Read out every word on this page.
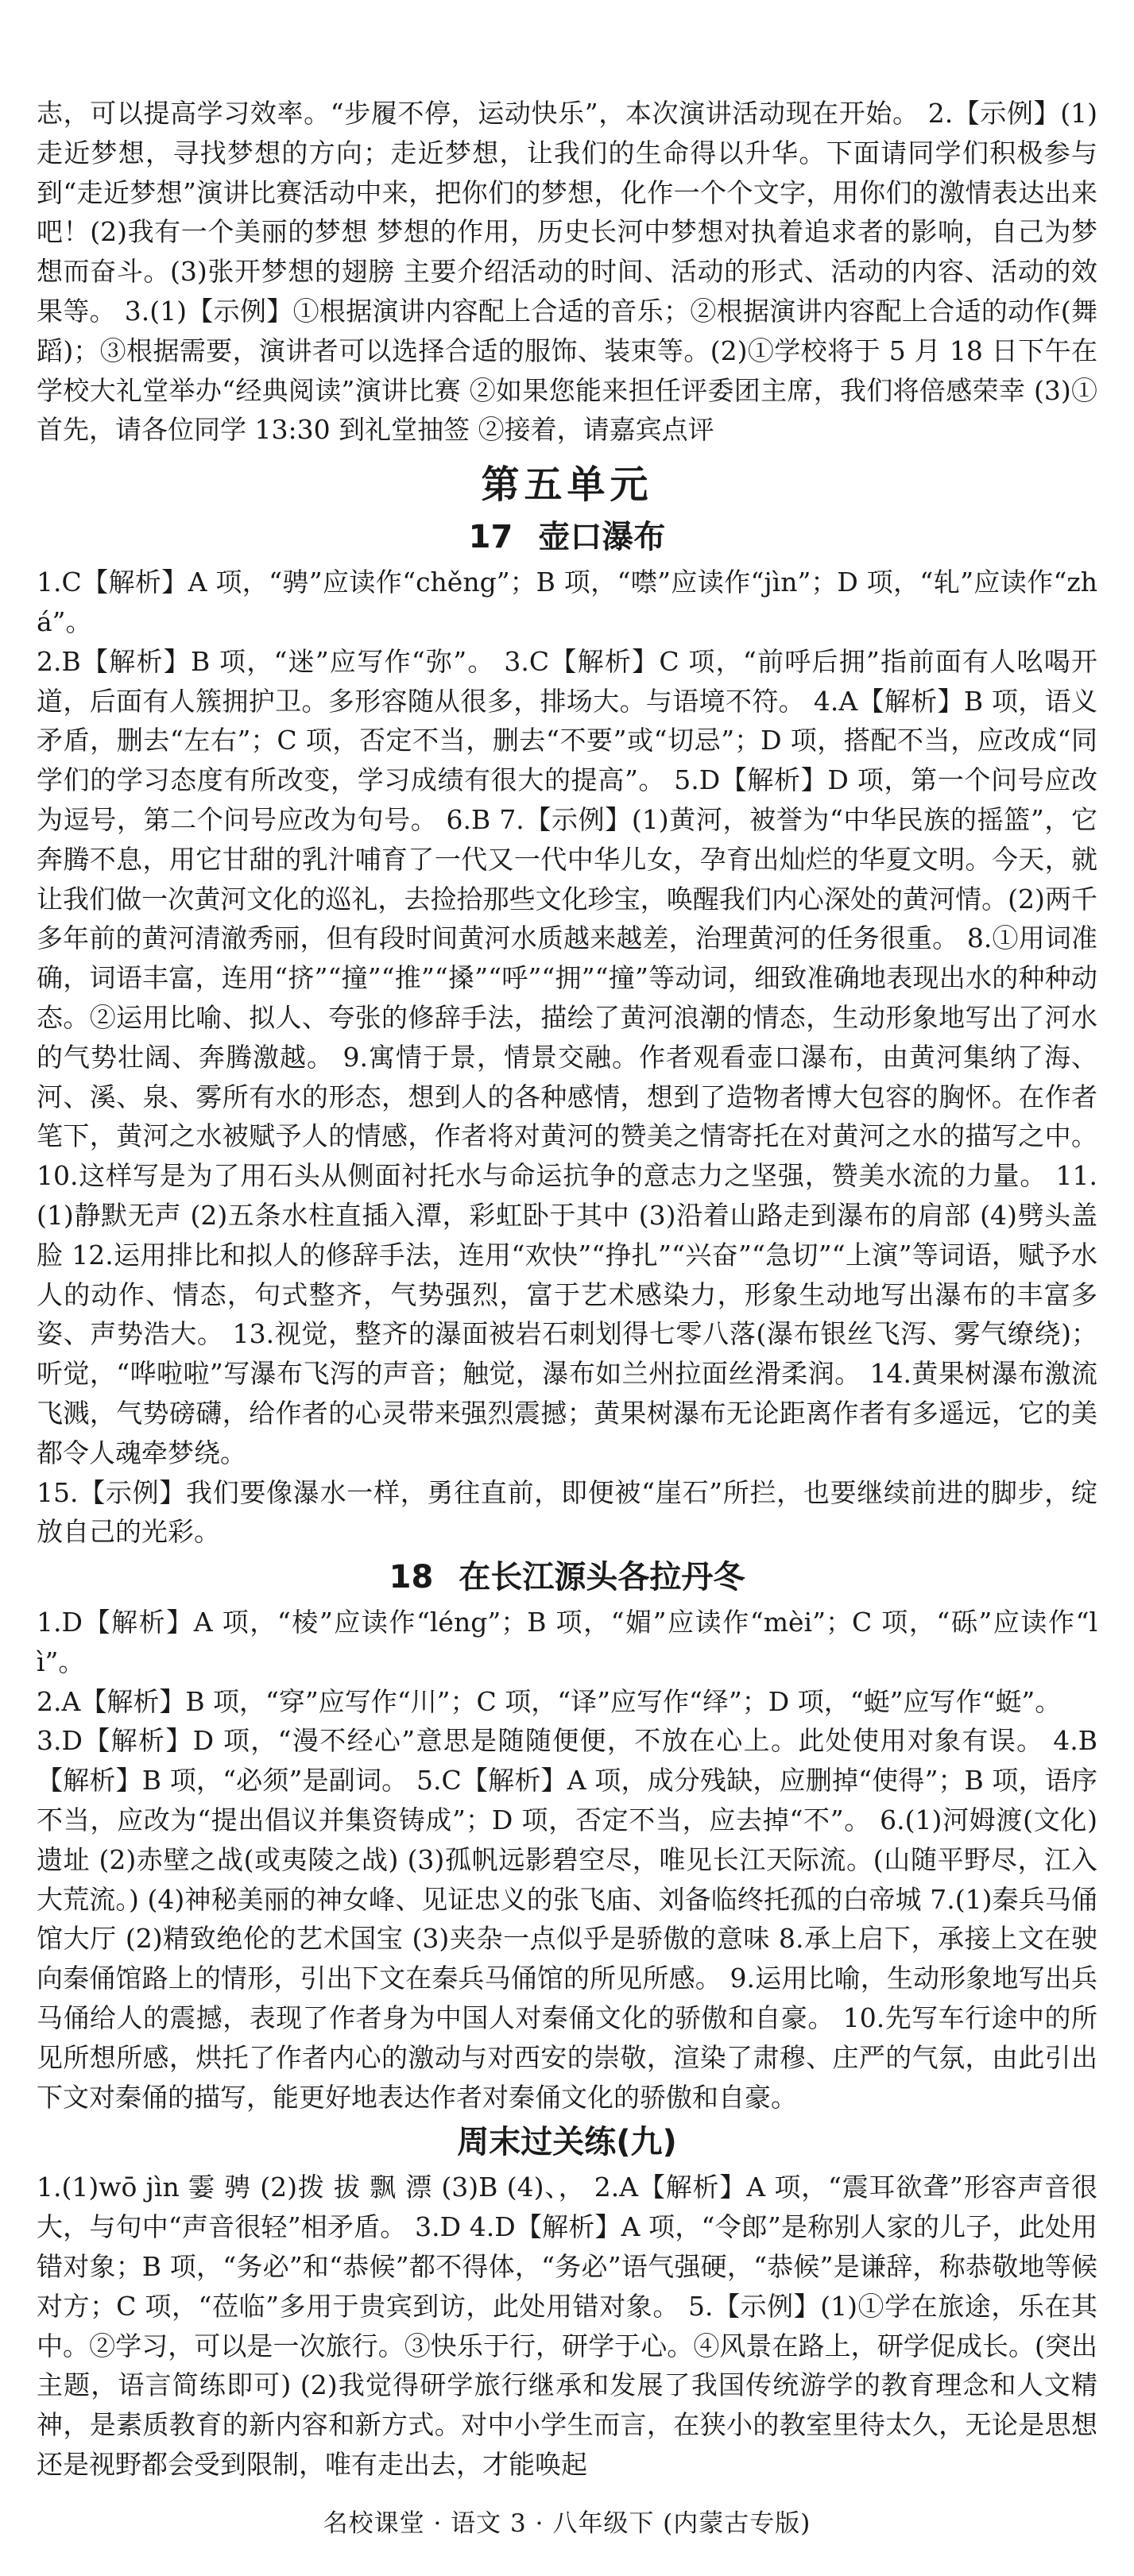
志，可以提高学习效率。“步履不停，运动快乐”，本次演讲活动现在开始。 2.【示例】(1)走近梦想，寻找梦想的方向；走近梦想，让我们的生命得以升华。下面请同学们积极参与到“走近梦想”演讲比赛活动中来，把你们的梦想，化作一个个文字，用你们的激情表达出来吧！(2)我有一个美丽的梦想 梦想的作用，历史长河中梦想对执着追求者的影响，自己为梦想而奋斗。(3)张开梦想的翅膀 主要介绍活动的时间、活动的形式、活动的内容、活动的效果等。 3.(1)【示例】①根据演讲内容配上合适的音乐；②根据演讲内容配上合适的动作(舞蹈)；③根据需要，演讲者可以选择合适的服饰、装束等。(2)①学校将于 5 月 18 日下午在学校大礼堂举办“经典阅读”演讲比赛 ②如果您能来担任评委团主席，我们将倍感荣幸 (3)①首先，请各位同学 13:30 到礼堂抽签 ②接着，请嘉宾点评

第五单元
17 壶口瀑布

1.C【解析】A 项，“骋”应读作“chěng”；B 项，“噤”应读作“jìn”；D 项，“轧”应读作“zhá”。

2.B【解析】B 项，“迷”应写作“弥”。 3.C【解析】C 项，“前呼后拥”指前面有人吆喝开道，后面有人簇拥护卫。多形容随从很多，排场大。与语境不符。 4.A【解析】B 项，语义矛盾，删去“左右”；C 项，否定不当，删去“不要”或“切忌”；D 项，搭配不当，应改成“同学们的学习态度有所改变，学习成绩有很大的提高”。 5.D【解析】D 项，第一个问号应改为逗号，第二个问号应改为句号。 6.B 7.【示例】(1)黄河，被誉为“中华民族的摇篮”，它奔腾不息，用它甘甜的乳汁哺育了一代又一代中华儿女，孕育出灿烂的华夏文明。今天，就让我们做一次黄河文化的巡礼，去捡拾那些文化珍宝，唤醒我们内心深处的黄河情。(2)两千多年前的黄河清澈秀丽，但有段时间黄河水质越来越差，治理黄河的任务很重。 8.①用词准确，词语丰富，连用“挤”“撞”“推”“搡”“呼”“拥”“撞”等动词，细致准确地表现出水的种种动态。②运用比喻、拟人、夸张的修辞手法，描绘了黄河浪潮的情态，生动形象地写出了河水的气势壮阔、奔腾激越。 9.寓情于景，情景交融。作者观看壶口瀑布，由黄河集纳了海、河、溪、泉、雾所有水的形态，想到人的各种感情，想到了造物者博大包容的胸怀。在作者笔下，黄河之水被赋予人的情感，作者将对黄河的赞美之情寄托在对黄河之水的描写之中。 10.这样写是为了用石头从侧面衬托水与命运抗争的意志力之坚强，赞美水流的力量。 11.(1)静默无声 (2)五条水柱直插入潭，彩虹卧于其中 (3)沿着山路走到瀑布的肩部 (4)劈头盖脸 12.运用排比和拟人的修辞手法，连用“欢快”“挣扎”“兴奋”“急切”“上演”等词语，赋予水人的动作、情态，句式整齐，气势强烈，富于艺术感染力，形象生动地写出瀑布的丰富多姿、声势浩大。 13.视觉，整齐的瀑面被岩石刺划得七零八落(瀑布银丝飞泻、雾气缭绕)；听觉，“哗啦啦”写瀑布飞泻的声音；触觉，瀑布如兰州拉面丝滑柔润。 14.黄果树瀑布激流飞溅，气势磅礴，给作者的心灵带来强烈震撼；黄果树瀑布无论距离作者有多遥远，它的美都令人魂牵梦绕。

15.【示例】我们要像瀑水一样，勇往直前，即便被“崖石”所拦，也要继续前进的脚步，绽放自己的光彩。

18 在长江源头各拉丹冬

1.D【解析】A 项，“棱”应读作“léng”；B 项，“媚”应读作“mèi”；C 项，“砾”应读作“lì”。

2.A【解析】B 项，“穿”应写作“川”；C 项，“译”应写作“绎”；D 项，“蜓”应写作“蜓”。

3.D【解析】D 项，“漫不经心”意思是随随便便，不放在心上。此处使用对象有误。 4.B【解析】B 项，“必须”是副词。 5.C【解析】A 项，成分残缺，应删掉“使得”；B 项，语序不当，应改为“提出倡议并集资铸成”；D 项，否定不当，应去掉“不”。 6.(1)河姆渡(文化)遗址 (2)赤壁之战(或夷陵之战) (3)孤帆远影碧空尽，唯见长江天际流。(山随平野尽，江入大荒流。) (4)神秘美丽的神女峰、见证忠义的张飞庙、刘备临终托孤的白帝城 7.(1)秦兵马俑馆大厅 (2)精致绝伦的艺术国宝 (3)夹杂一点似乎是骄傲的意味 8.承上启下，承接上文在驶向秦俑馆路上的情形，引出下文在秦兵马俑馆的所见所感。 9.运用比喻，生动形象地写出兵马俑给人的震撼，表现了作者身为中国人对秦俑文化的骄傲和自豪。 10.先写车行途中的所见所想所感，烘托了作者内心的激动与对西安的崇敬，渲染了肃穆、庄严的气氛，由此引出下文对秦俑的描写，能更好地表达作者对秦俑文化的骄傲和自豪。

周末过关练(九)

1.(1)wō jìn 霎 骋 (2)拨 拔 飘 漂 (3)B (4)、， 2.A【解析】A 项，“震耳欲聋”形容声音很大，与句中“声音很轻”相矛盾。 3.D 4.D【解析】A 项，“令郎”是称别人家的儿子，此处用错对象；B 项，“务必”和“恭候”都不得体，“务必”语气强硬，“恭候”是谦辞，称恭敬地等候对方；C 项，“莅临”多用于贵宾到访，此处用错对象。 5.【示例】(1)①学在旅途，乐在其中。②学习，可以是一次旅行。③快乐于行，研学于心。④风景在路上，研学促成长。(突出主题，语言简练即可) (2)我觉得研学旅行继承和发展了我国传统游学的教育理念和人文精神，是素质教育的新内容和新方式。对中小学生而言，在狭小的教室里待太久，无论是思想还是视野都会受到限制，唯有走出去，才能唤起

名校课堂 · 语文 3 · 八年级下 (内蒙古专版)
